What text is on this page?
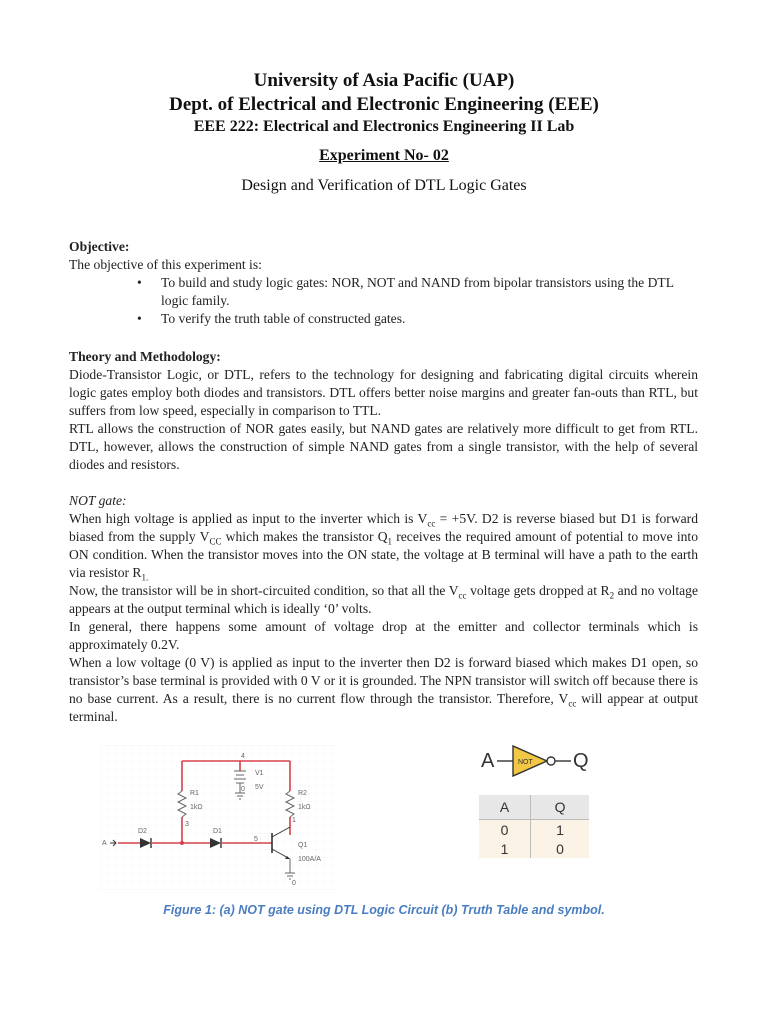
University of Asia Pacific (UAP)
Dept. of Electrical and Electronic Engineering (EEE)
EEE 222: Electrical and Electronics Engineering II Lab
Experiment No- 02
Design and Verification of DTL Logic Gates
Objective:
The objective of this experiment is:
• To build and study logic gates: NOR, NOT and NAND from bipolar transistors using the DTL logic family.
• To verify the truth table of constructed gates.
Theory and Methodology:
Diode-Transistor Logic, or DTL, refers to the technology for designing and fabricating digital circuits wherein logic gates employ both diodes and transistors. DTL offers better noise margins and greater fan-outs than RTL, but suffers from low speed, especially in comparison to TTL.
RTL allows the construction of NOR gates easily, but NAND gates are relatively more difficult to get from RTL. DTL, however, allows the construction of simple NAND gates from a single transistor, with the help of several diodes and resistors.
NOT gate:
When high voltage is applied as input to the inverter which is $V_{cc} = +5V$. D2 is reverse biased but D1 is forward biased from the supply $V_{CC}$ which makes the transistor $Q_1$ receives the required amount of potential to move into ON condition. When the transistor moves into the ON state, the voltage at B terminal will have a path to the earth via resistor $R_{1.}$
Now, the transistor will be in short-circuited condition, so that all the $V_{cc}$ voltage gets dropped at $R_2$ and no voltage appears at the output terminal which is ideally ‘0’ volts.
In general, there happens some amount of voltage drop at the emitter and collector terminals which is approximately 0.2V.
When a low voltage (0 V) is applied as input to the inverter then D2 is forward biased which makes D1 open, so transistor’s base terminal is provided with 0 V or it is grounded. The NPN transistor will switch off because there is no base current. As a result, there is no current flow through the transistor. Therefore, $V_{cc}$ will appear at output terminal.
4
V1
0 5V
R1
1kΩ
R2
1kΩ
3
1
D2	D1
A
5
Q1
100A/A
0
A	NOT Q
A	Q
0	1
1	0
Figure 1: (a) NOT gate using DTL Logic Circuit (b) Truth Table and symbol.
